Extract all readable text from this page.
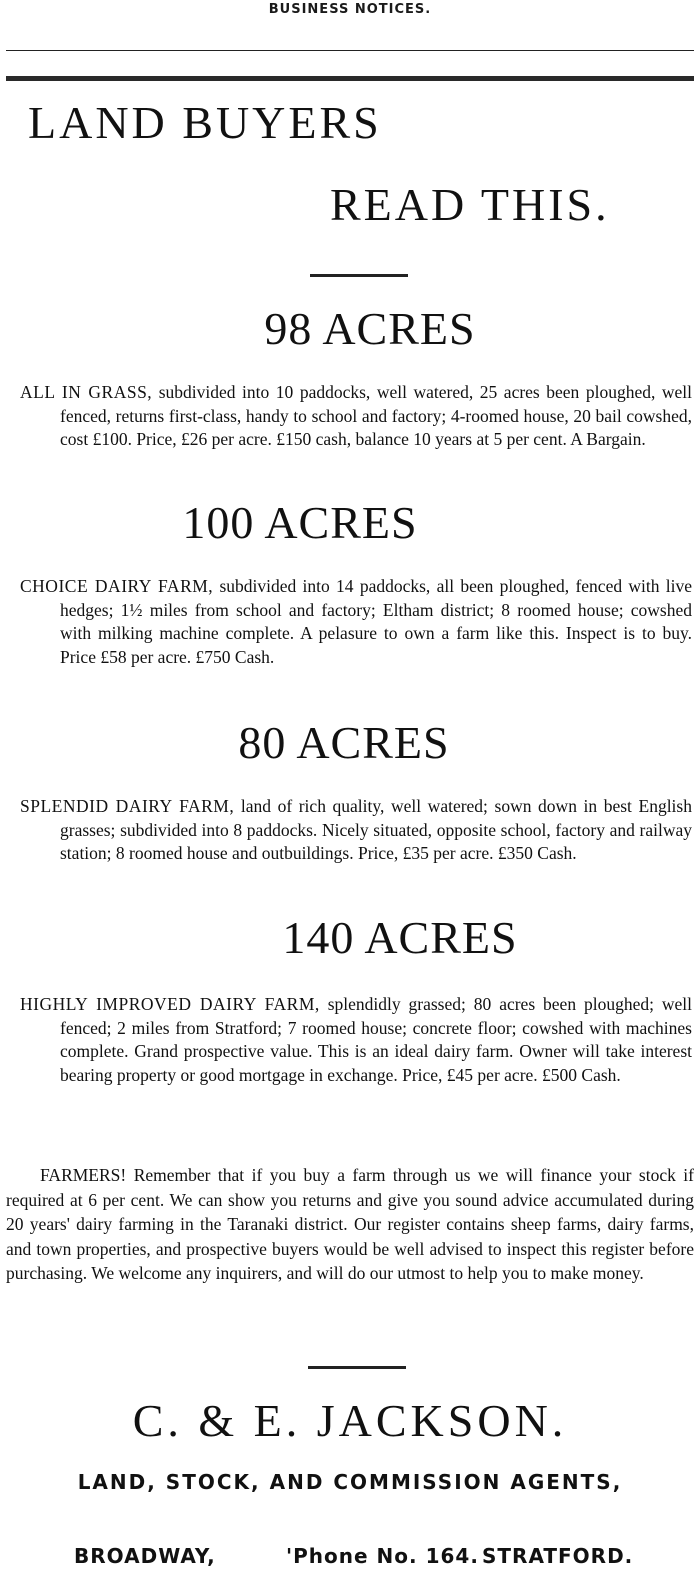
BUSINESS NOTICES.
LAND BUYERS
READ THIS.
98 ACRES
ALL IN GRASS, subdivided into 10 paddocks, well watered, 25 acres been ploughed, well fenced, returns first-class, handy to school and factory; 4-roomed house, 20 bail cowshed, cost £100. Price, £26 per acre. £150 cash, balance 10 years at 5 per cent. A Bargain.
100 ACRES
CHOICE DAIRY FARM, subdivided into 14 paddocks, all been ploughed, fenced with live hedges; 1½ miles from school and factory; Eltham district; 8 roomed house; cowshed with milking machine complete. A pelasure to own a farm like this. Inspect is to buy. Price £58 per acre. £750 Cash.
80 ACRES
SPLENDID DAIRY FARM, land of rich quality, well watered; sown down in best English grasses; subdivided into 8 paddocks. Nicely situated, opposite school, factory and railway station; 8 roomed house and outbuildings. Price, £35 per acre. £350 Cash.
140 ACRES
HIGHLY IMPROVED DAIRY FARM, splendidly grassed; 80 acres been ploughed; well fenced; 2 miles from Stratford; 7 roomed house; concrete floor; cowshed with machines complete. Grand prospective value. This is an ideal dairy farm. Owner will take interest bearing property or good mortgage in exchange. Price, £45 per acre. £500 Cash.
FARMERS! Remember that if you buy a farm through us we will finance your stock if required at 6 per cent. We can show you returns and give you sound advice accumulated during 20 years' dairy farming in the Taranaki district. Our register contains sheep farms, dairy farms, and town properties, and prospective buyers would be well advised to inspect this register before purchasing. We welcome any inquirers, and will do our utmost to help you to make money.
C. & E. JACKSON.
LAND, STOCK, AND COMMISSION AGENTS,
BROADWAY,	'Phone No. 164. STRATFORD.
